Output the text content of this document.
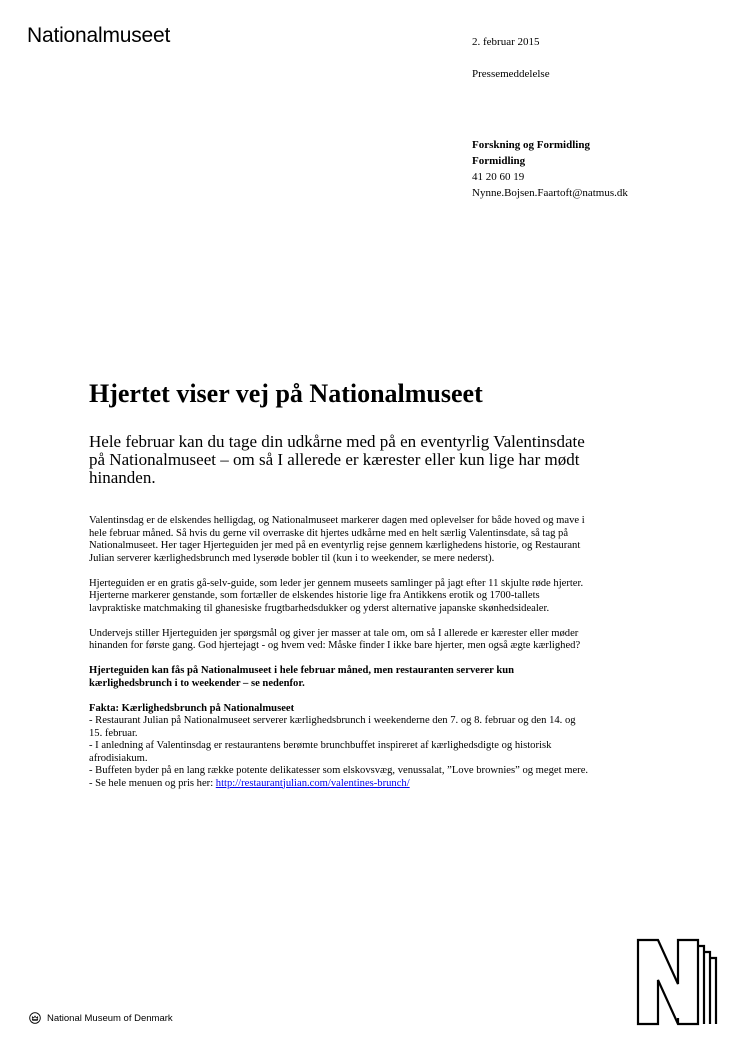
Nationalmuseet	2. februar 2015
Pressemeddelelse
Forskning og Formidling
Formidling
41 20 60 19
Nynne.Bojsen.Faartoft@natmus.dk
Hjertet viser vej på Nationalmuseet

Hele februar kan du tage din udkårne med på en eventyrlig Valentinsdate på Nationalmuseet – om så I allerede er kærester eller kun lige har mødt hinanden.

Valentinsdag er de elskendes helligdag, og Nationalmuseet markerer dagen med oplevelser for både hoved og mave i hele februar måned. Så hvis du gerne vil overraske dit hjertes udkårne med en helt særlig Valentinsdate, så tag på Nationalmuseet. Her tager Hjerteguiden jer med på en eventyrlig rejse gennem kærlighedens historie, og Restaurant Julian serverer kærlighedsbrunch med lyserøde bobler til (kun i to weekender, se mere nederst).

Hjerteguiden er en gratis gå-selv-guide, som leder jer gennem museets samlinger på jagt efter 11 skjulte røde hjerter. Hjerterne markerer genstande, som fortæller de elskendes historie lige fra Antikkens erotik og 1700-tallets lavpraktiske matchmaking til ghanesiske frugtbarhedsdukker og yderst alternative japanske skønhedsidealer.

Undervejs stiller Hjerteguiden jer spørgsmål og giver jer masser at tale om, om så I allerede er kærester eller møder hinanden for første gang. God hjertejagt - og hvem ved: Måske finder I ikke bare hjerter, men også ægte kærlighed?

Hjerteguiden kan fås på Nationalmuseet i hele februar måned, men restauranten serverer kun kærlighedsbrunch i to weekender – se nedenfor.

Fakta: Kærlighedsbrunch på Nationalmuseet
- Restaurant Julian på Nationalmuseet serverer kærlighedsbrunch i weekenderne den 7. og 8. februar og den 14. og 15. februar.
- I anledning af Valentinsdag er restaurantens berømte brunchbuffet inspireret af kærlighedsdigte og historisk afrodisiakum.
- Buffeten byder på en lang række potente delikatesser som elskovsvæg, venussalat, ”Love brownies” og meget mere.
- Se hele menuen og pris her: http://restaurantjulian.com/valentines-brunch/
National Museum of Denmark
